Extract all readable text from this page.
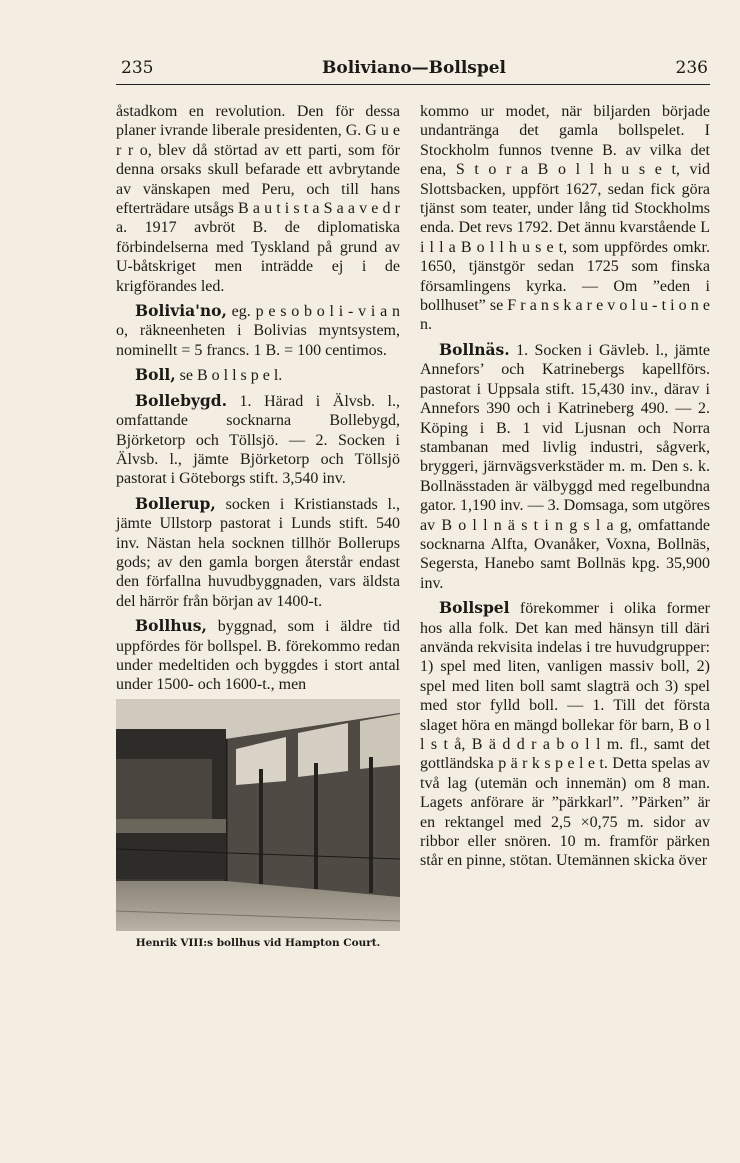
235	Boliviano—Bollspel	236

åstadkom en revolution. Den för dessa planer ivrande liberale presidenten, G. G u e r r o, blev då störtad av ett parti, som för denna orsaks skull befarade ett avbrytande av vänskapen med Peru, och till hans efterträdare utsågs B a u t i s t a S a a v e d r a. 1917 avbröt B. de diplomatiska förbindelserna med Tyskland på grund av U-båtskriget men inträdde ej i de krigförandes led.

Bolivia'no, eg. p e s o b o l i - v i a n o, räkneenheten i Bolivias myntsystem, nominellt = 5 francs. 1 B. = 100 centimos.

Boll, se B o l l s p e l.

Bollebygd. 1. Härad i Älvsb. l., omfattande socknarna Bollebygd, Björketorp och Töllsjö. — 2. Socken i Älvsb. l., jämte Björketorp och Töllsjö pastorat i Göteborgs stift. 3,540 inv.

Bollerup, socken i Kristianstads l., jämte Ullstorp pastorat i Lunds stift. 540 inv. Nästan hela socknen tillhör Bollerups gods; av den gamla borgen återstår endast den förfallna huvudbyggnaden, vars äldsta del härrör från början av 1400-t.

Bollhus, byggnad, som i äldre tid uppfördes för bollspel. B. förekommo redan under medeltiden och byggdes i stort antal under 1500- och 1600-t., men

Henrik VIII:s bollhus vid Hampton Court.

kommo ur modet, när biljarden började undantränga det gamla bollspelet. I Stockholm funnos tvenne B. av vilka det ena, S t o r a B o l l h u s e t, vid Slottsbacken, uppfört 1627, sedan fick göra tjänst som teater, under lång tid Stockholms enda. Det revs 1792. Det ännu kvarstående L i l l a B o l l h u s e t, som uppfördes omkr. 1650, tjänstgör sedan 1725 som finska församlingens kyrka. — Om ”eden i bollhuset” se F r a n s k a r e v o l u - t i o n e n.

Bollnäs. 1. Socken i Gävleb. l., jämte Annefors’ och Katrinebergs kapellförs. pastorat i Uppsala stift. 15,430 inv., därav i Annefors 390 och i Katrineberg 490. — 2. Köping i B. 1 vid Ljusnan och Norra stambanan med livlig industri, sågverk, bryggeri, järnvägsverkstäder m. m. Den s. k. Bollnässtaden är välbyggd med regelbundna gator. 1,190 inv. — 3. Domsaga, som utgöres av B o l l n ä s t i n g s l a g, omfattande socknarna Alfta, Ovanåker, Voxna, Bollnäs, Segersta, Hanebo samt Bollnäs kpg. 35,900 inv.

Bollspel förekommer i olika former hos alla folk. Det kan med hänsyn till däri använda rekvisita indelas i tre huvudgrupper: 1) spel med liten, vanligen massiv boll, 2) spel med liten boll samt slagträ och 3) spel med stor fylld boll. — 1. Till det första slaget höra en mängd bollekar för barn, B o l l s t å, B ä d d r a b o l l m. fl., samt det gottländska p ä r k s p e l e t. Detta spelas av två lag (utemän och innemän) om 8 man. Lagets anförare är ”pärkkarl”. ”Pärken” är en rektangel med 2,5 ×0,75 m. sidor av ribbor eller snören. 10 m. framför pärken står en pinne, stötan. Utemännen skicka över
